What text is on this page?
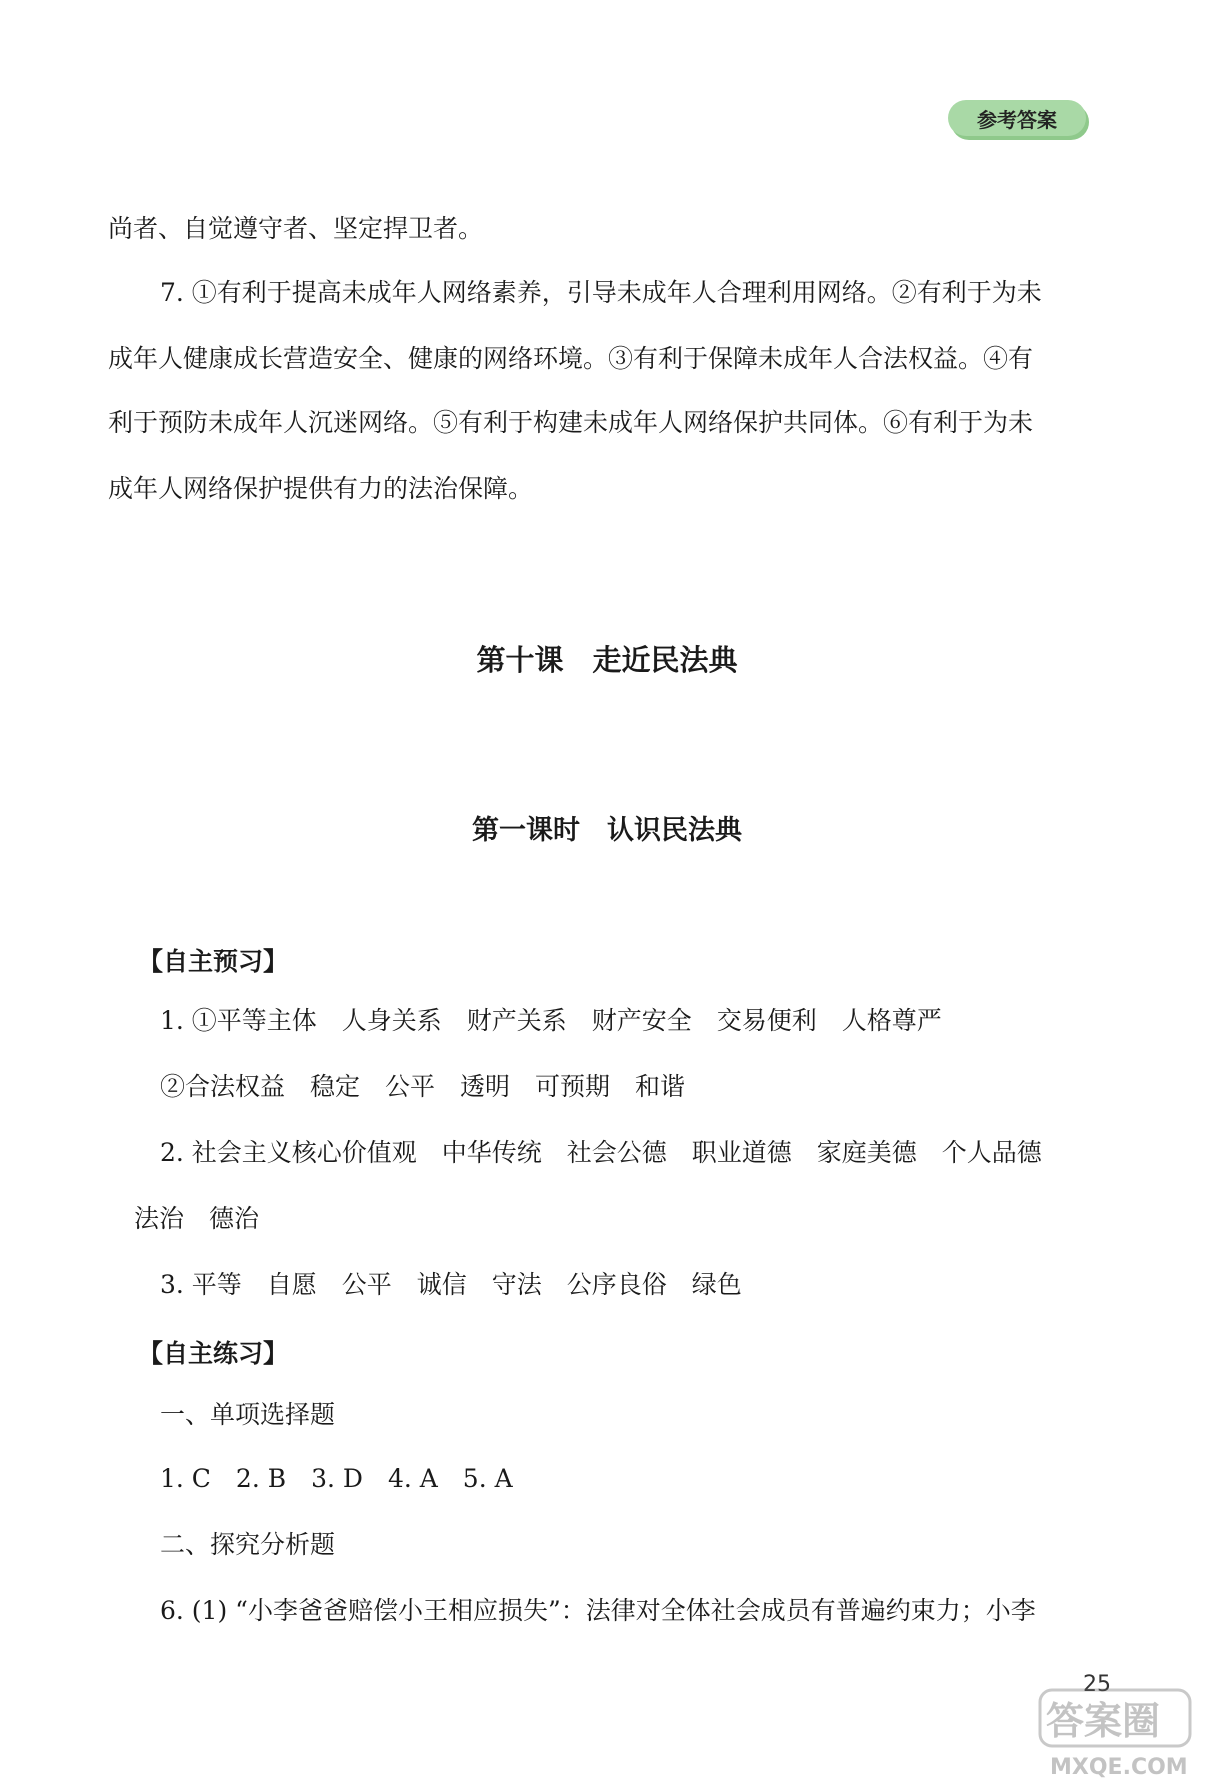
参考答案
尚者、自觉遵守者、坚定捍卫者。
7. ①有利于提高未成年人网络素养，引导未成年人合理利用网络。②有利于为未
成年人健康成长营造安全、健康的网络环境。③有利于保障未成年人合法权益。④有
利于预防未成年人沉迷网络。⑤有利于构建未成年人网络保护共同体。⑥有利于为未
成年人网络保护提供有力的法治保障。
第十课　走近民法典
第一课时　认识民法典
【自主预习】
1. ①平等主体　人身关系　财产关系　财产安全　交易便利　人格尊严
②合法权益　稳定　公平　透明　可预期　和谐
2. 社会主义核心价值观　中华传统　社会公德　职业道德　家庭美德　个人品德
法治　德治
3. 平等　自愿　公平　诚信　守法　公序良俗　绿色
【自主练习】
一、单项选择题
1. C　2. B　3. D　4. A　5. A
二、探究分析题
6. (1) “小李爸爸赔偿小王相应损失”：法律对全体社会成员有普遍约束力；小李
25
答案圈
MXQE.COM
